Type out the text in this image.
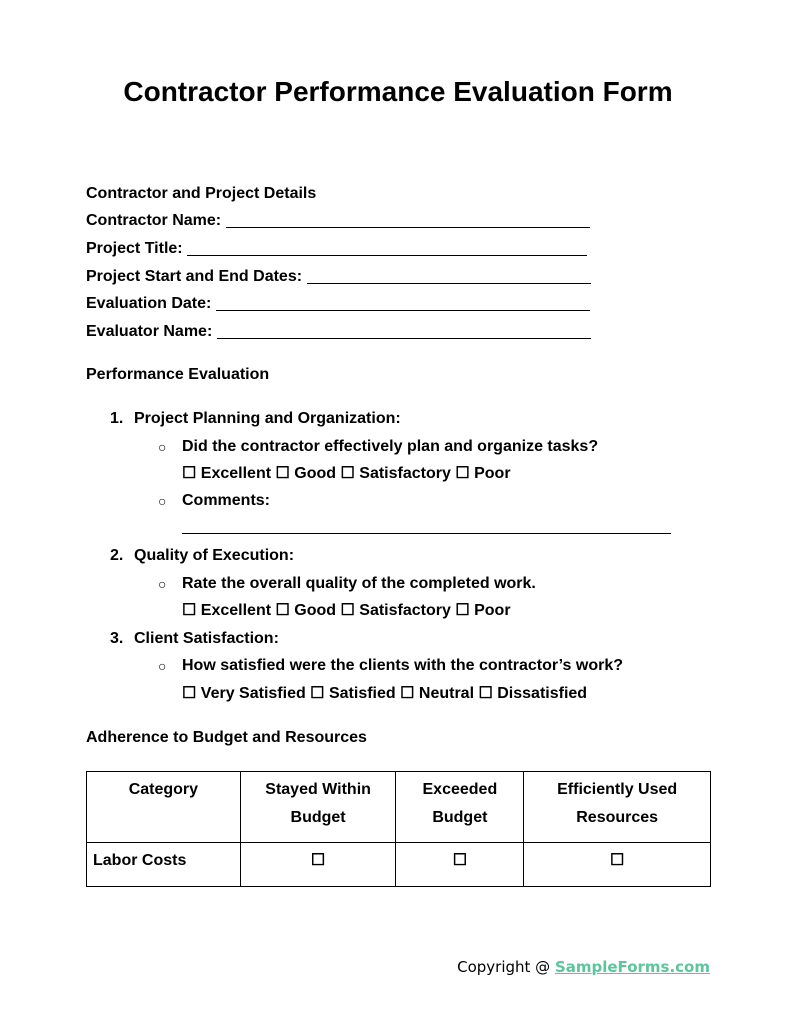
Contractor Performance Evaluation Form
Contractor and Project Details
Contractor Name:
Project Title:
Project Start and End Dates:
Evaluation Date:
Evaluator Name:
Performance Evaluation
1. Project Planning and Organization:
○ Did the contractor effectively plan and organize tasks?
☐ Excellent ☐ Good ☐ Satisfactory ☐ Poor
○ Comments:
2. Quality of Execution:
○ Rate the overall quality of the completed work.
☐ Excellent ☐ Good ☐ Satisfactory ☐ Poor
3. Client Satisfaction:
○ How satisfied were the clients with the contractor’s work?
☐ Very Satisfied ☐ Satisfied ☐ Neutral ☐ Dissatisfied
Adherence to Budget and Resources
Category	Stayed Within Budget	Exceeded Budget	Efficiently Used Resources
Labor Costs	☐	☐	☐
Copyright @ SampleForms.com
